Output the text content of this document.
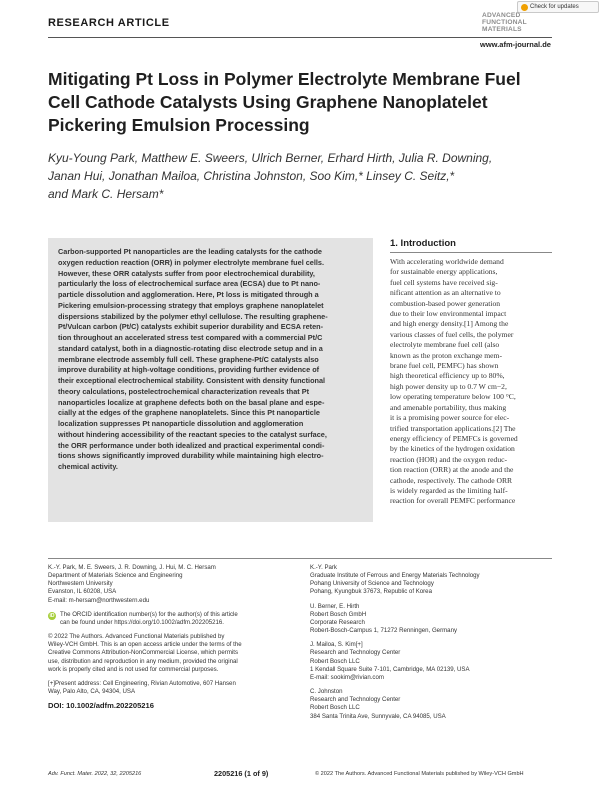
RESEARCH ARTICLE
Check for updates
ADVANCED
FUNCTIONAL
MATERIALS
www.afm-journal.de
Mitigating Pt Loss in Polymer Electrolyte Membrane Fuel
Cell Cathode Catalysts Using Graphene Nanoplatelet
Pickering Emulsion Processing
Kyu-Young Park, Matthew E. Sweers, Ulrich Berner, Erhard Hirth, Julia R. Downing,
Janan Hui, Jonathan Mailoa, Christina Johnston, Soo Kim,* Linsey C. Seitz,*
and Mark C. Hersam*

Carbon-supported Pt nanoparticles are the leading catalysts for the cathode
oxygen reduction reaction (ORR) in polymer electrolyte membrane fuel cells.
However, these ORR catalysts suffer from poor electrochemical durability,
particularly the loss of electrochemical surface area (ECSA) due to Pt nano-
particle dissolution and agglomeration. Here, Pt loss is mitigated through a
Pickering emulsion-processing strategy that employs graphene nanoplatelet
dispersions stabilized by the polymer ethyl cellulose. The resulting graphene-
Pt/Vulcan carbon (Pt/C) catalysts exhibit superior durability and ECSA reten-
tion throughout an accelerated stress test compared with a commercial Pt/C
standard catalyst, both in a diagnostic-rotating disc electrode setup and in a
membrane electrode assembly full cell. These graphene-Pt/C catalysts also
improve durability at high-voltage conditions, providing further evidence of
their exceptional electrochemical stability. Consistent with density functional
theory calculations, postelectrochemical characterization reveals that Pt
nanoparticles localize at graphene defects both on the basal plane and espe-
cially at the edges of the graphene nanoplatelets. Since this Pt nanoparticle
localization suppresses Pt nanoparticle dissolution and agglomeration
without hindering accessibility of the reactant species to the catalyst surface,
the ORR performance under both idealized and practical experimental condi-
tions shows significantly improved durability while maintaining high electro-
chemical activity.

1. Introduction
With accelerating worldwide demand
for sustainable energy applications,
fuel cell systems have received sig-
nificant attention as an alternative to
combustion-based power generation
due to their low environmental impact
and high energy density.[1] Among the
various classes of fuel cells, the polymer
electrolyte membrane fuel cell (also
known as the proton exchange mem-
brane fuel cell, PEMFC) has shown
high theoretical efficiency up to 80%,
high power density up to 0.7 W cm−2,
low operating temperature below 100 °C,
and amenable portability, thus making
it is a promising power source for elec-
trified transportation applications.[2] The
energy efficiency of PEMFCs is governed
by the kinetics of the hydrogen oxidation
reaction (HOR) and the oxygen reduc-
tion reaction (ORR) at the anode and the
cathode, respectively. The cathode ORR
is widely regarded as the limiting half-
reaction for overall PEMFC performance
K.-Y. Park, M. E. Sweers, J. R. Downing, J. Hui, M. C. Hersam
Department of Materials Science and Engineering
Northwestern University
Evanston, IL 60208, USA
E-mail: m-hersam@northwestern.edu
iD The ORCID identification number(s) for the author(s) of this article
can be found under https://doi.org/10.1002/adfm.202205216.
© 2022 The Authors. Advanced Functional Materials published by
Wiley-VCH GmbH. This is an open access article under the terms of the
Creative Commons Attribution-NonCommercial License, which permits
use, distribution and reproduction in any medium, provided the original
work is properly cited and is not used for commercial purposes.
[+]Present address: Cell Engineering, Rivian Automotive, 607 Hansen
Way, Palo Alto, CA, 94304, USA
DOI: 10.1002/adfm.202205216
K.-Y. Park
Graduate Institute of Ferrous and Energy Materials Technology
Pohang University of Science and Technology
Pohang, Kyungbuk 37673, Republic of Korea
U. Berner, E. Hirth
Robert Bosch GmbH
Corporate Research
Robert-Bosch-Campus 1, 71272 Renningen, Germany
J. Mailoa, S. Kim[+]
Research and Technology Center
Robert Bosch LLC
1 Kendall Square Suite 7-101, Cambridge, MA 02139, USA
E-mail: sookim@rivian.com
C. Johnston
Research and Technology Center
Robert Bosch LLC
384 Santa Trinita Ave, Sunnyvale, CA 94085, USA
Adv. Funct. Mater. 2022, 32, 2205216	2205216 (1 of 9)	© 2022 The Authors. Advanced Functional Materials published by Wiley-VCH GmbH
